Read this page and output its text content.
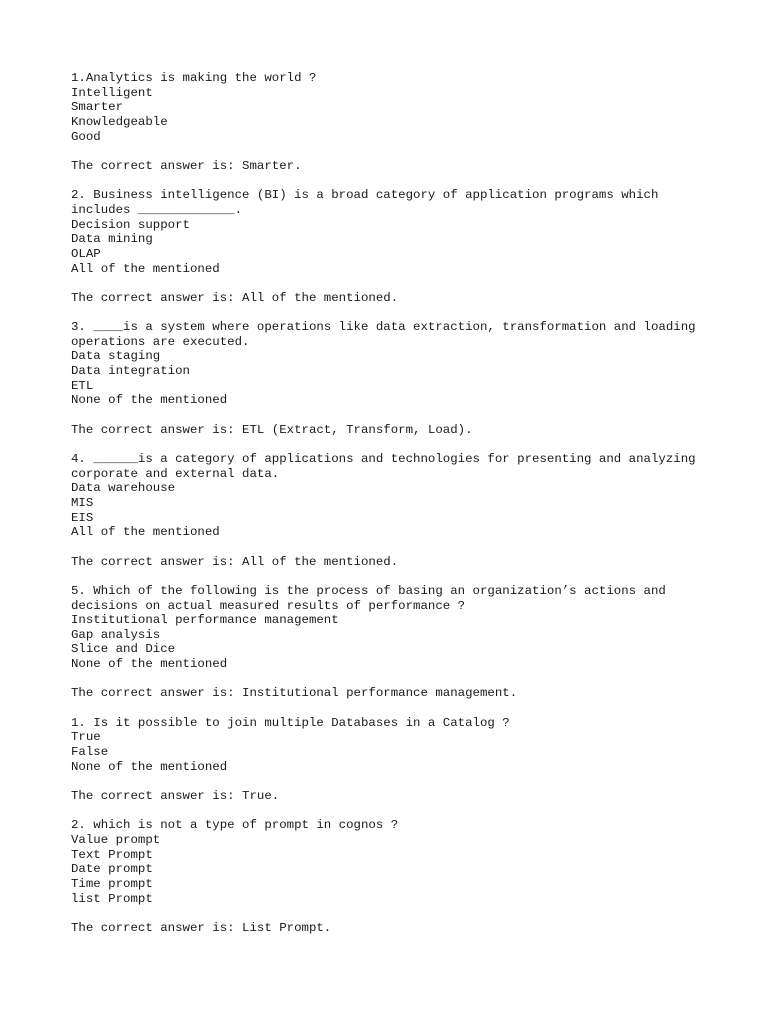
1.Analytics is making the world ?
Intelligent
Smarter
Knowledgeable
Good
The correct answer is: Smarter.
2. Business intelligence (BI) is a broad category of application programs which includes _____________.
Decision support
Data mining
OLAP
All of the mentioned
The correct answer is: All of the mentioned.
3. ____is a system where operations like data extraction, transformation and loading operations are executed.
Data staging
Data integration
ETL
None of the mentioned
The correct answer is: ETL (Extract, Transform, Load).
4. ______is a category of applications and technologies for presenting and analyzing corporate and external data.
Data warehouse
MIS
EIS
All of the mentioned
The correct answer is: All of the mentioned.
5. Which of the following is the process of basing an organization’s actions and decisions on actual measured results of performance ?
Institutional performance management
Gap analysis
Slice and Dice
None of the mentioned
The correct answer is: Institutional performance management.
1. Is it possible to join multiple Databases in a Catalog ?
True
False
None of the mentioned
The correct answer is: True.
2. which is not a type of prompt in cognos ?
Value prompt
Text Prompt
Date prompt
Time prompt
list Prompt
The correct answer is: List Prompt.
